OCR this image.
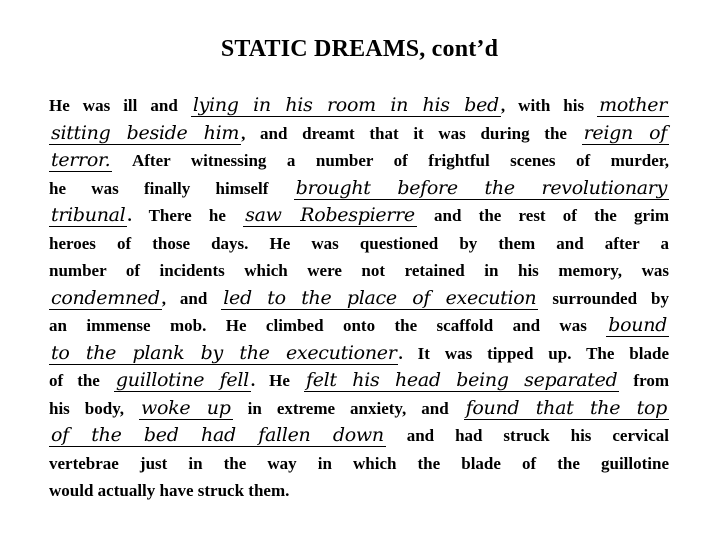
STATIC DREAMS, cont’d
He was ill and lying in his room in his bed , with his mother
sitting beside him , and dreamt that it was during the reign of
terror. After witnessing a number of frightful scenes of murder,
he was finally himself brought before the revolutionary
tribunal . There he saw Robespierre and the rest of the grim
heroes of those days. He was questioned by them and after a
number of incidents which were not retained in his memory, was
condemned , and led to the place of execution surrounded by
an immense mob. He climbed onto the scaffold and was bound
to the plank by the executioner . It was tipped up. The blade
of the guillotine fell . He felt his head being separated from
his body, woke up in extreme anxiety, and found that the top
of the bed had fallen down and had struck his cervical
vertebrae just in the way in which the blade of the guillotine
would actually have struck them.
